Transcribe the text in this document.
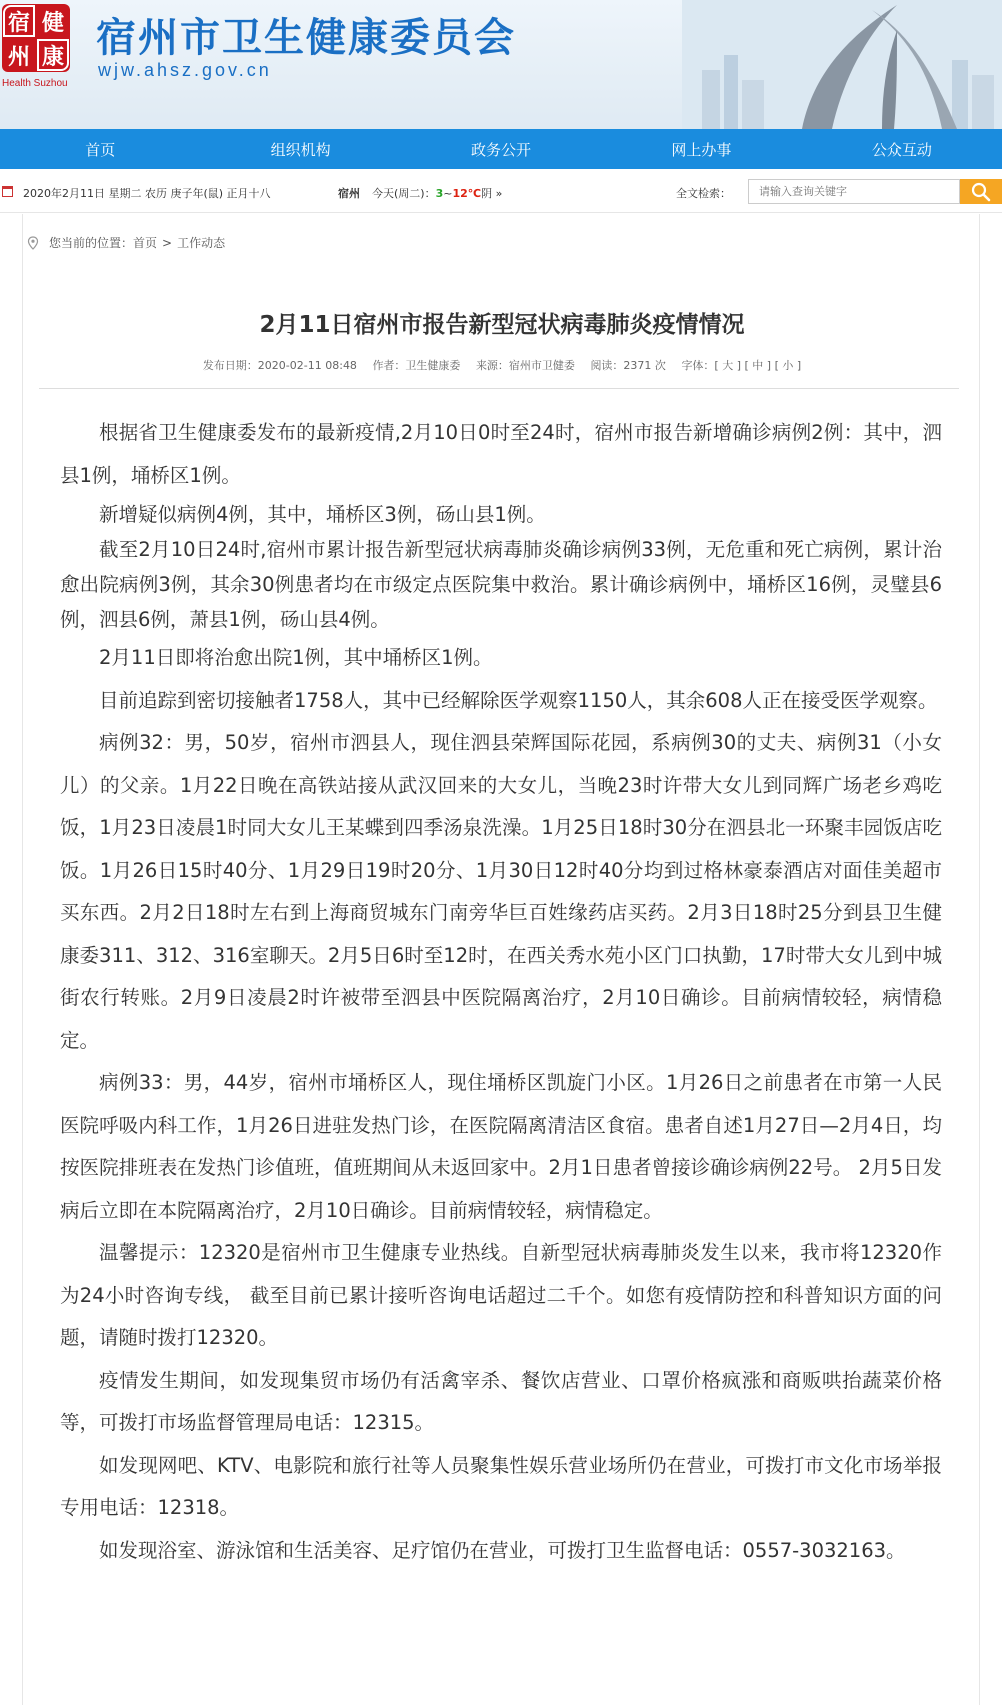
宿 健
州 康
Health Suzhou
宿州市卫生健康委员会
wjw.ahsz.gov.cn
首页	组织机构	政务公开	网上办事	公众互动
2020年2月11日 星期二 农历 庚子年(鼠) 正月十八	宿州 今天(周二)：3~12℃阴 »	全文检索：
请输入查询关键字
您当前的位置： 首页 > 工作动态
2月11日宿州市报告新型冠状病毒肺炎疫情情况
发布日期：2020-02-11 08:48 作者：卫生健康委 来源：宿州市卫健委 阅读：2371 次 字体：[ 大 ] [ 中 ] [ 小 ]

根据省卫生健康委发布的最新疫情,2月10日0时至24时，宿州市报告新增确诊病例2例：其中，泗县1例，埇桥区1例。

新增疑似病例4例，其中，埇桥区3例，砀山县1例。

截至2月10日24时,宿州市累计报告新型冠状病毒肺炎确诊病例33例，无危重和死亡病例，累计治愈出院病例3例，其余30例患者均在市级定点医院集中救治。累计确诊病例中，埇桥区16例，灵璧县6例，泗县6例，萧县1例，砀山县4例。

2月11日即将治愈出院1例，其中埇桥区1例。

目前追踪到密切接触者1758人，其中已经解除医学观察1150人，其余608人正在接受医学观察。

病例32：男，50岁，宿州市泗县人，现住泗县荣辉国际花园，系病例30的丈夫、病例31（小女儿）的父亲。1月22日晚在高铁站接从武汉回来的大女儿，当晚23时许带大女儿到同辉广场老乡鸡吃饭，1月23日凌晨1时同大女儿王某蝶到四季汤泉洗澡。1月25日18时30分在泗县北一环聚丰园饭店吃饭。1月26日15时40分、1月29日19时20分、1月30日12时40分均到过格林豪泰酒店对面佳美超市买东西。2月2日18时左右到上海商贸城东门南旁华巨百姓缘药店买药。2月3日18时25分到县卫生健康委311、312、316室聊天。2月5日6时至12时，在西关秀水苑小区门口执勤，17时带大女儿到中城街农行转账。2月9日凌晨2时许被带至泗县中医院隔离治疗，2月10日确诊。目前病情较轻，病情稳定。

病例33：男，44岁，宿州市埇桥区人，现住埇桥区凯旋门小区。1月26日之前患者在市第一人民医院呼吸内科工作，1月26日进驻发热门诊，在医院隔离清洁区食宿。患者自述1月27日—2月4日，均按医院排班表在发热门诊值班，值班期间从未返回家中。2月1日患者曾接诊确诊病例22号。 2月5日发病后立即在本院隔离治疗，2月10日确诊。目前病情较轻，病情稳定。

温馨提示：12320是宿州市卫生健康专业热线。自新型冠状病毒肺炎发生以来，我市将12320作为24小时咨询专线， 截至目前已累计接听咨询电话超过二千个。如您有疫情防控和科普知识方面的问题，请随时拨打12320。

疫情发生期间，如发现集贸市场仍有活禽宰杀、餐饮店营业、口罩价格疯涨和商贩哄抬蔬菜价格等，可拨打市场监督管理局电话：12315。

如发现网吧、KTV、电影院和旅行社等人员聚集性娱乐营业场所仍在营业，可拨打市文化市场举报专用电话：12318。

如发现浴室、游泳馆和生活美容、足疗馆仍在营业，可拨打卫生监督电话：0557-3032163。
